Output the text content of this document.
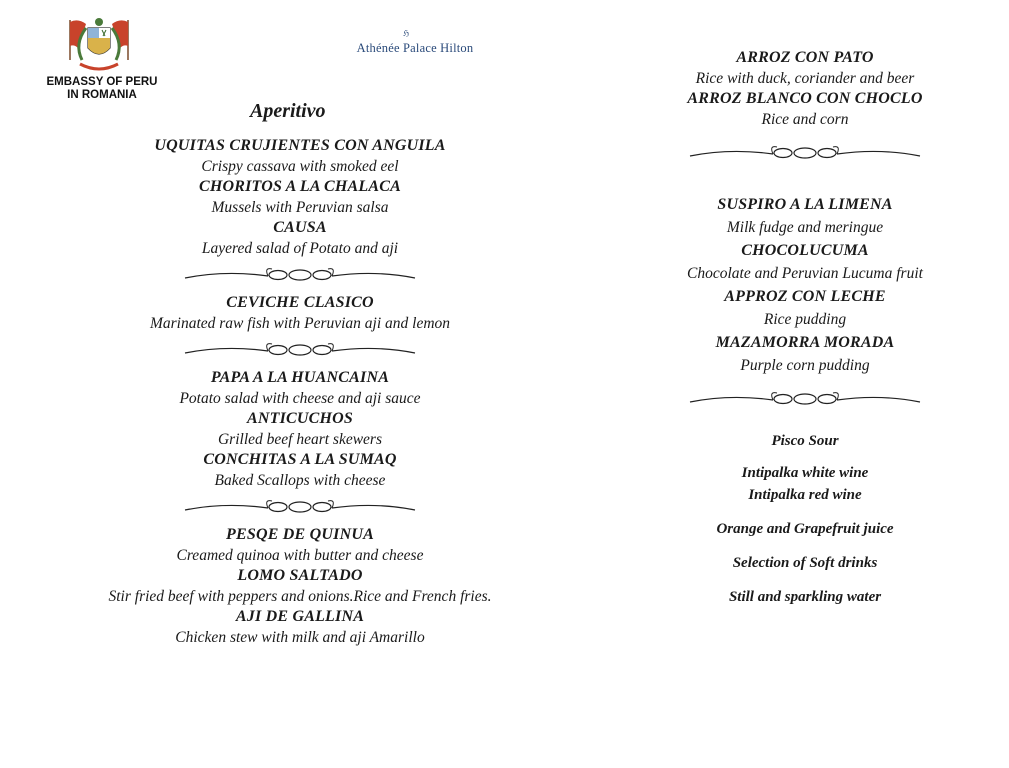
EMBASSY OF PERU
IN ROMANIA
ℌ
Athénée Palace Hilton
Aperitivo
UQUITAS CRUJIENTES CON ANGUILA
Crispy cassava with smoked eel
CHORITOS A LA CHALACA
Mussels with Peruvian salsa
CAUSA
Layered salad of Potato and aji
CEVICHE CLASICO
Marinated raw fish with Peruvian aji and lemon
PAPA A LA HUANCAINA
Potato salad with cheese and aji sauce
ANTICUCHOS
Grilled beef heart skewers
CONCHITAS A LA SUMAQ
Baked Scallops with cheese
PESQE DE QUINUA
Creamed quinoa with butter and cheese
LOMO SALTADO
Stir fried beef with peppers and onions.Rice and French fries.
AJI DE GALLINA
Chicken stew with milk and aji Amarillo
ARROZ CON PATO
Rice with duck, coriander and beer
ARROZ BLANCO CON CHOCLO
Rice and corn
SUSPIRO A LA LIMENA
Milk fudge and meringue
CHOCOLUCUMA
Chocolate and Peruvian Lucuma fruit
APPROZ CON LECHE
Rice pudding
MAZAMORRA MORADA
Purple corn pudding
Pisco Sour
Intipalka white wine
Intipalka red wine
Orange and Grapefruit juice
Selection of Soft drinks
Still and sparkling water
